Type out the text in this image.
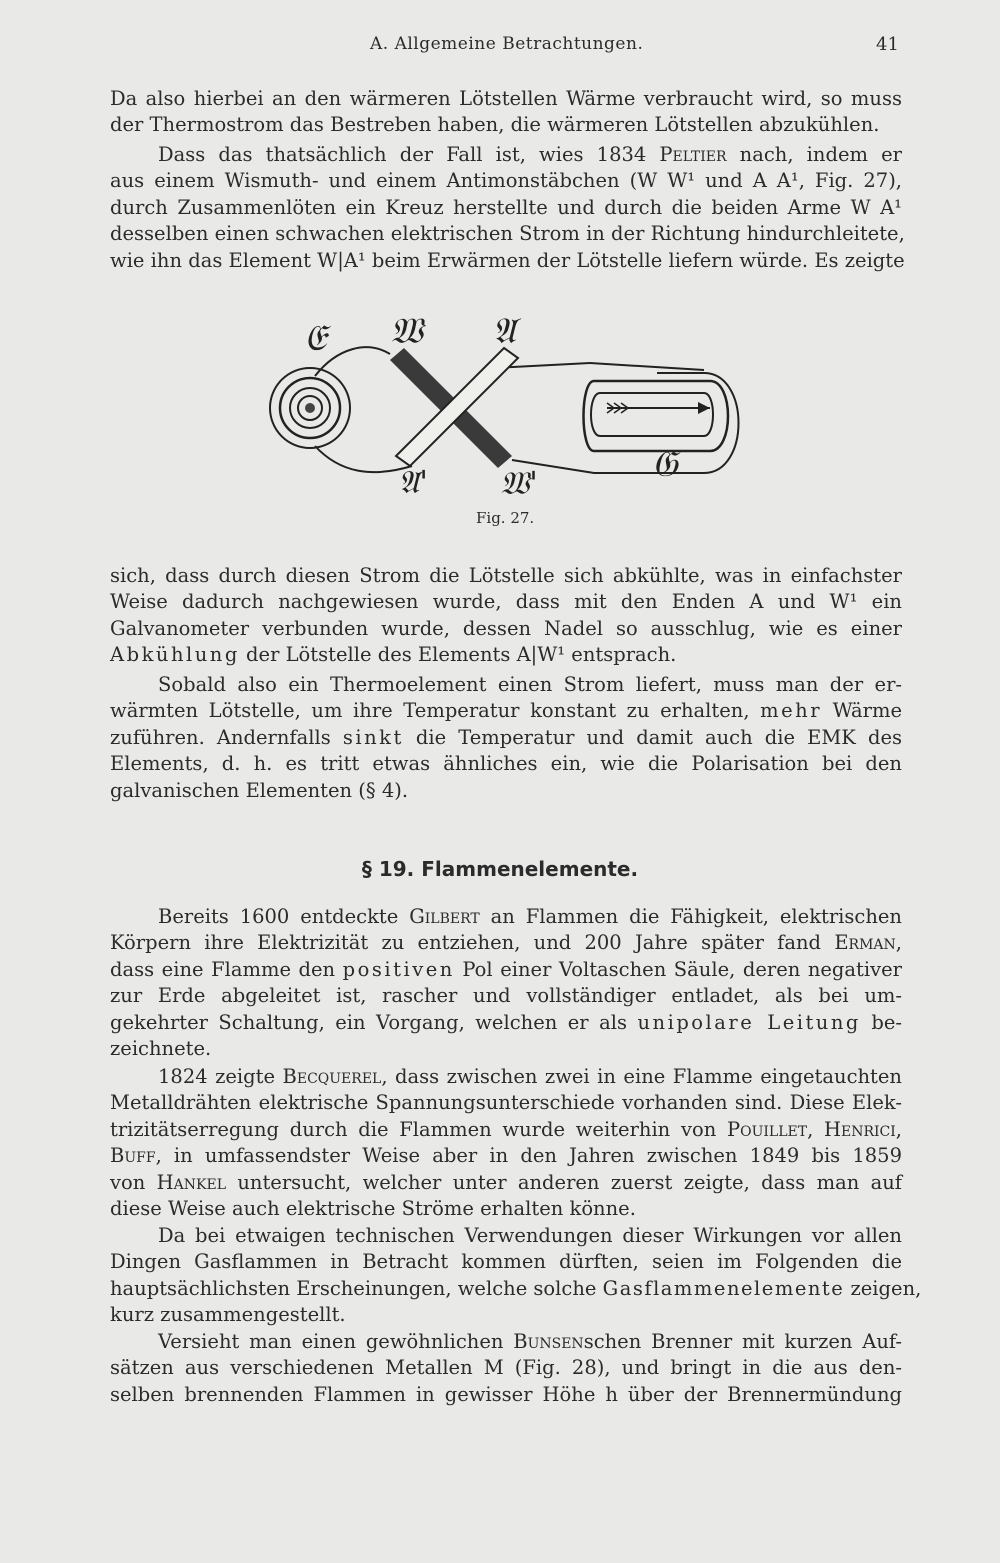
A. Allgemeine Betrachtungen.	41
Da also hierbei an den wärmeren Lötstellen Wärme verbraucht wird, so muss
der Thermostrom das Bestreben haben, die wärmeren Lötstellen abzukühlen.
Dass das thatsächlich der Fall ist, wies 1834 Peltier nach, indem er
aus einem Wismuth- und einem Antimonstäbchen (W W¹ und A A¹, Fig. 27),
durch Zusammenlöten ein Kreuz herstellte und durch die beiden Arme W A¹
desselben einen schwachen elektrischen Strom in der Richtung hindurchleitete,
wie ihn das Element W|A¹ beim Erwärmen der Lötstelle liefern würde. Es zeigte
𝔈 𝔚 𝔄
𝔄' 𝔚'	𝔊
Fig. 27.
sich, dass durch diesen Strom die Lötstelle sich abkühlte, was in einfachster
Weise dadurch nachgewiesen wurde, dass mit den Enden A und W¹ ein
Galvanometer verbunden wurde, dessen Nadel so ausschlug, wie es einer
Abkühlung der Lötstelle des Elements A|W¹ entsprach.
Sobald also ein Thermoelement einen Strom liefert, muss man der er-
wärmten Lötstelle, um ihre Temperatur konstant zu erhalten, mehr Wärme
zuführen. Andernfalls sinkt die Temperatur und damit auch die EMK des
Elements, d. h. es tritt etwas ähnliches ein, wie die Polarisation bei den
galvanischen Elementen (§ 4).
§ 19. Flammenelemente.
Bereits 1600 entdeckte Gilbert an Flammen die Fähigkeit, elektrischen
Körpern ihre Elektrizität zu entziehen, und 200 Jahre später fand Erman,
dass eine Flamme den positiven Pol einer Voltaschen Säule, deren negativer
zur Erde abgeleitet ist, rascher und vollständiger entladet, als bei um-
gekehrter Schaltung, ein Vorgang, welchen er als unipolare Leitung be-
zeichnete.
1824 zeigte Becquerel, dass zwischen zwei in eine Flamme eingetauchten
Metalldrähten elektrische Spannungsunterschiede vorhanden sind. Diese Elek-
trizitätserregung durch die Flammen wurde weiterhin von Pouillet, Henrici,
Buff, in umfassendster Weise aber in den Jahren zwischen 1849 bis 1859
von Hankel untersucht, welcher unter anderen zuerst zeigte, dass man auf
diese Weise auch elektrische Ströme erhalten könne.
Da bei etwaigen technischen Verwendungen dieser Wirkungen vor allen
Dingen Gasflammen in Betracht kommen dürften, seien im Folgenden die
hauptsächlichsten Erscheinungen, welche solche Gasflammenelemente zeigen,
kurz zusammengestellt.
Versieht man einen gewöhnlichen Bunsenschen Brenner mit kurzen Auf-
sätzen aus verschiedenen Metallen M (Fig. 28), und bringt in die aus den-
selben brennenden Flammen in gewisser Höhe h über der Brennermündung
